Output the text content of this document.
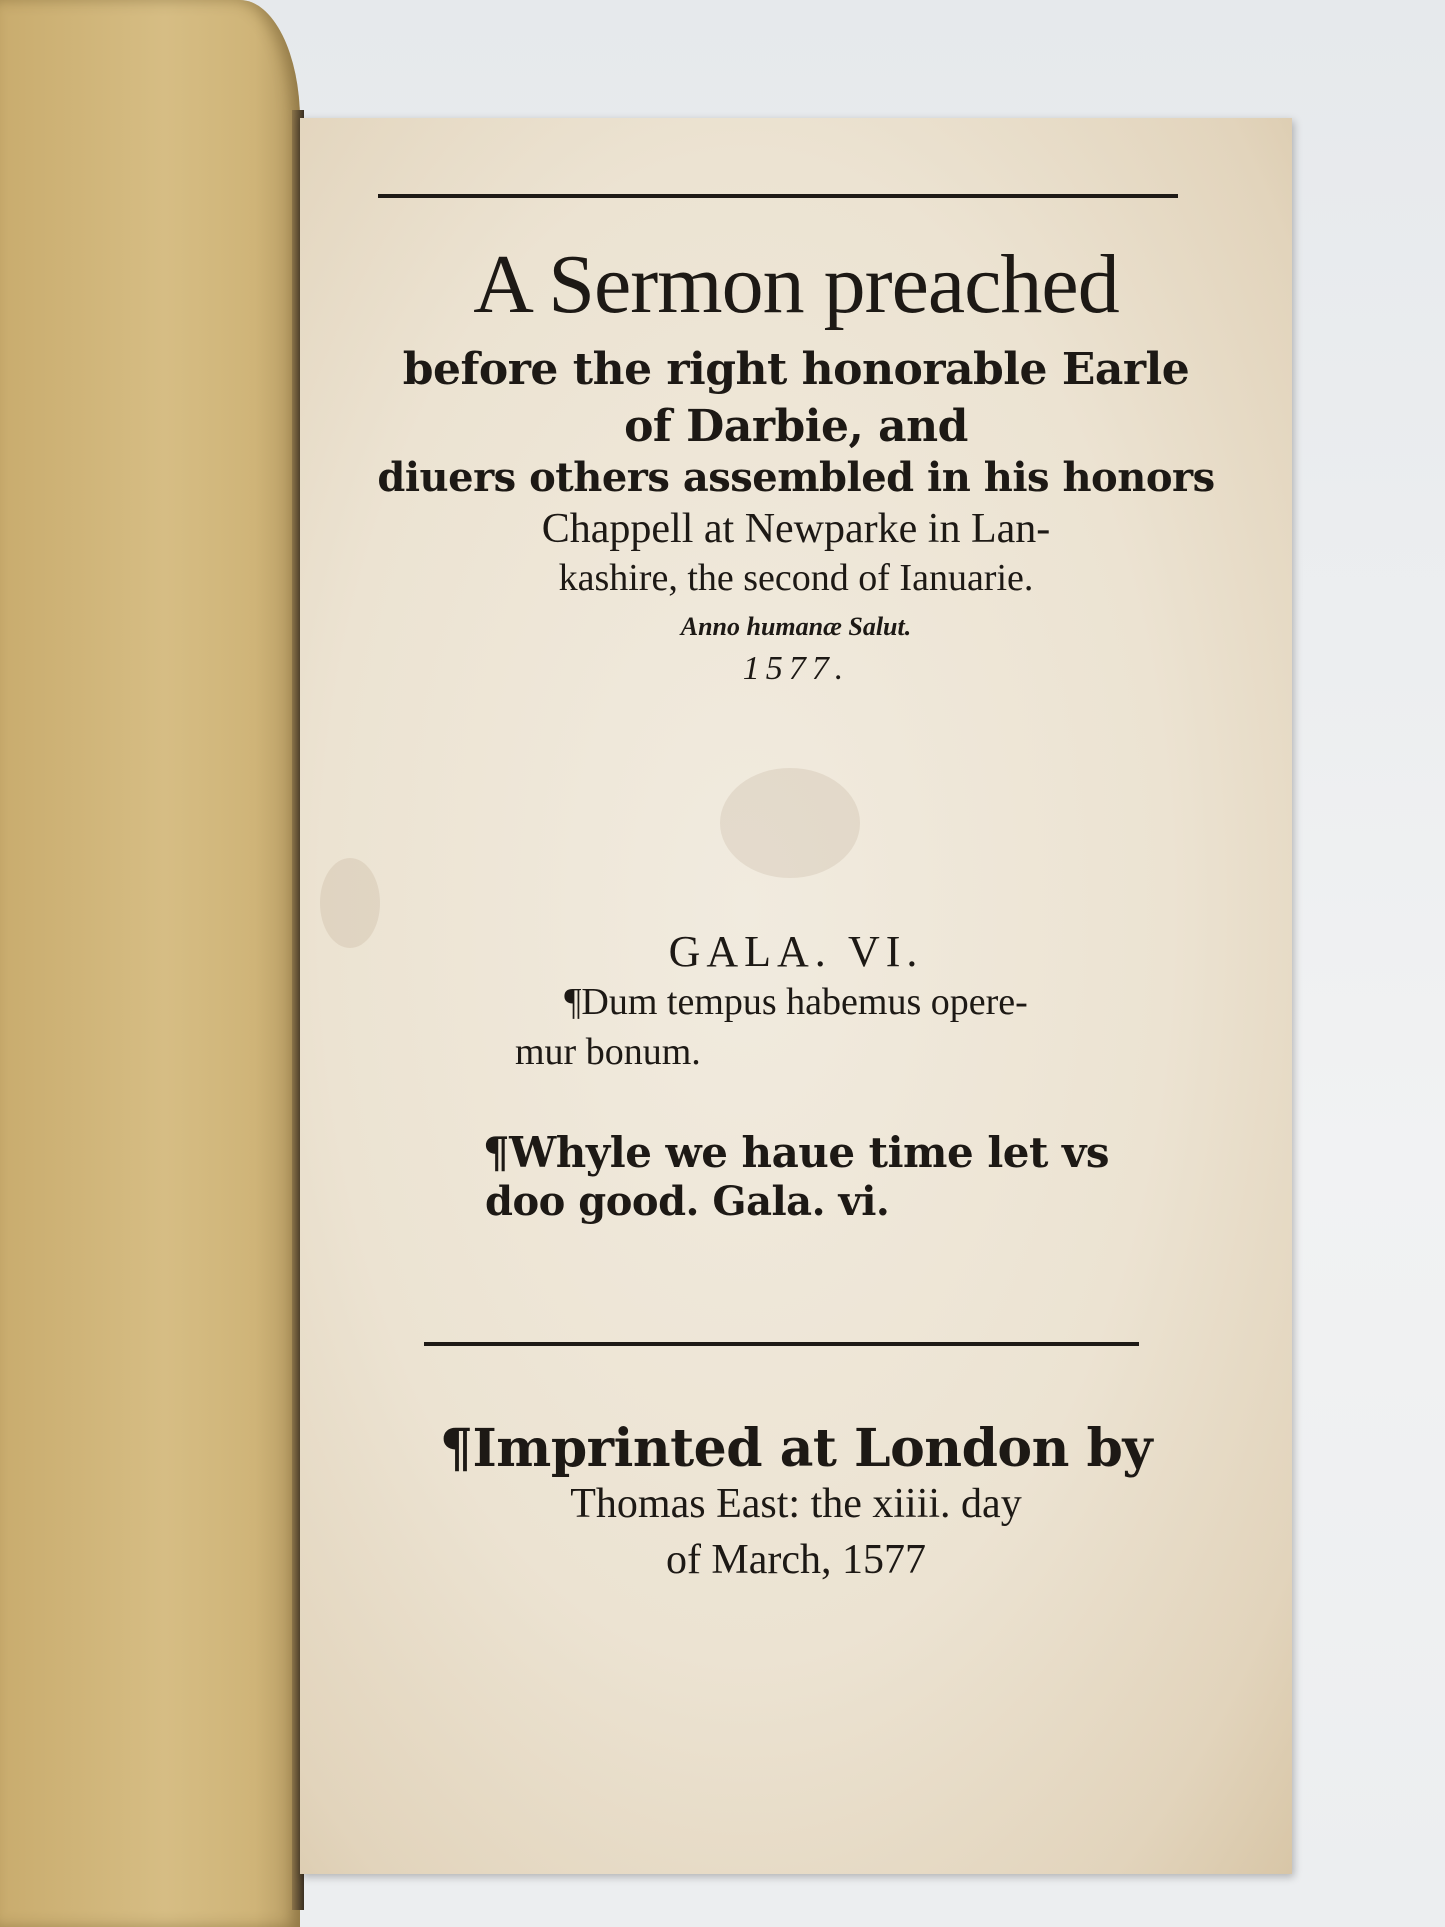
A Sermon preached
before the right honorable Earle
of Darbie, and
diuers others assembled in his honors
Chappell at Newparke in Lan-
kashire, the second of Ianuarie.
Anno humanæ Salut.
1577.
GALA. VI.
¶Dum tempus habemus opere-
mur bonum.
¶Whyle we haue time let vs
doo good. Gala. vi.
¶Imprinted at London by
Thomas East: the xiiii. day
of March, 1577
